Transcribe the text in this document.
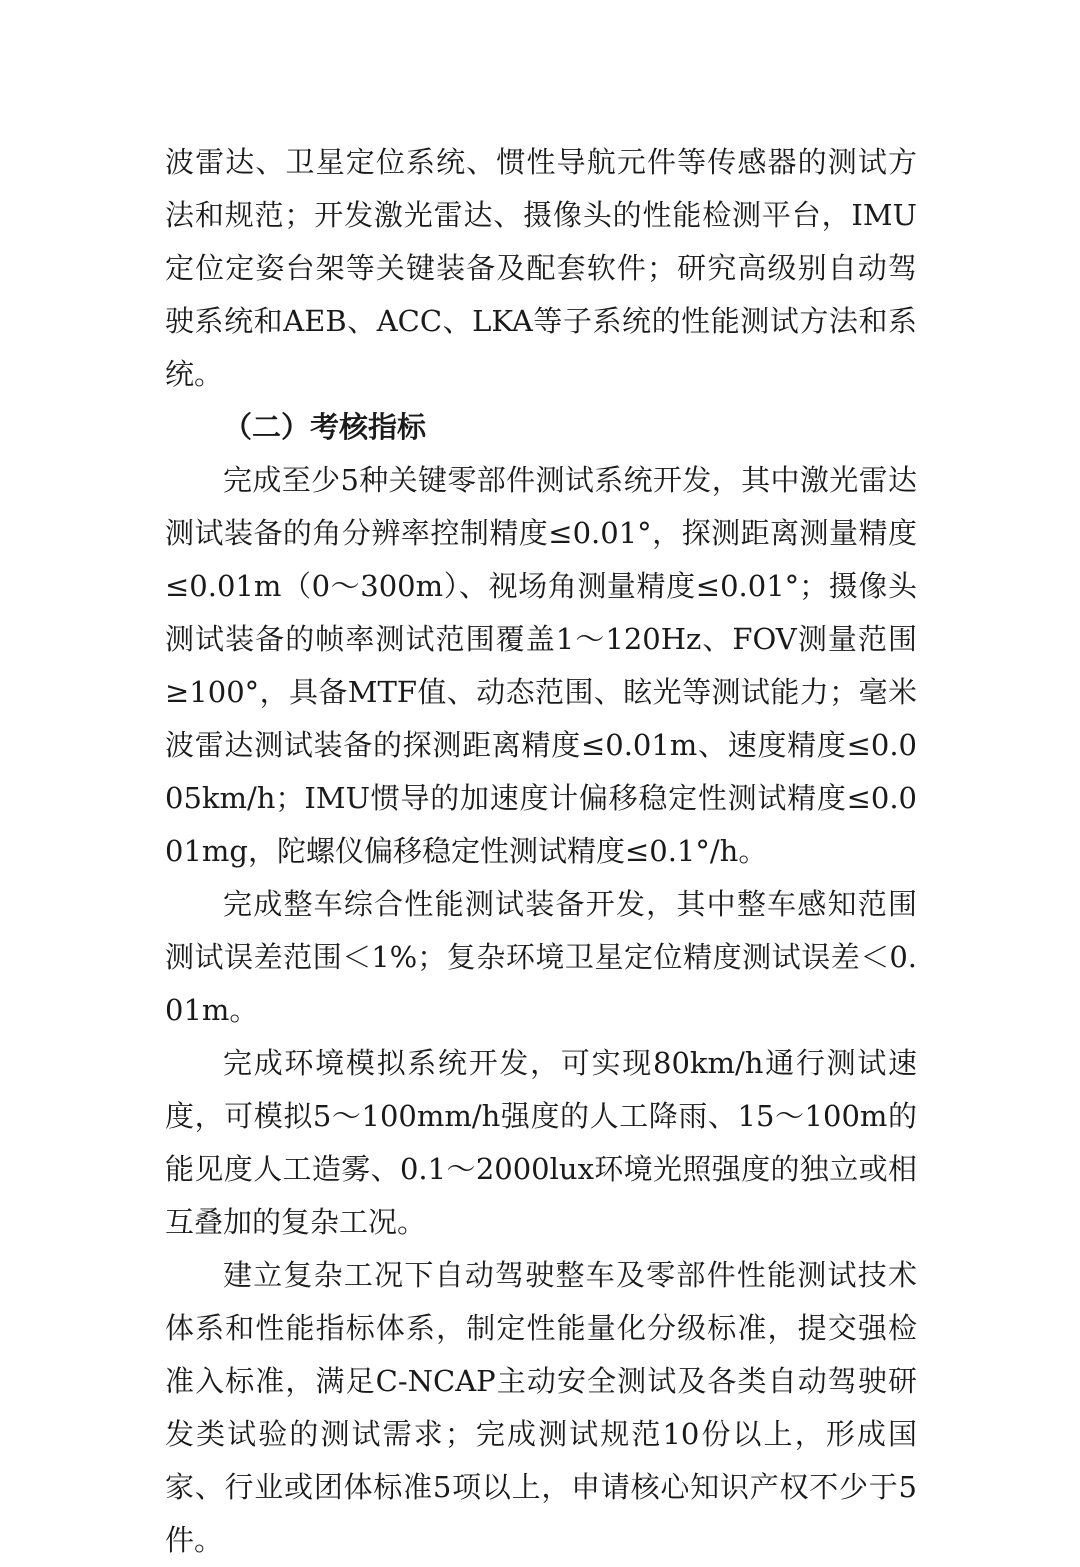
波雷达、卫星定位系统、惯性导航元件等传感器的测试方法和规范；开发激光雷达、摄像头的性能检测平台，IMU定位定姿台架等关键装备及配套软件；研究高级别自动驾驶系统和AEB、ACC、LKA等子系统的性能测试方法和系统。

（二）考核指标

完成至少5种关键零部件测试系统开发，其中激光雷达测试装备的角分辨率控制精度≤0.01°，探测距离测量精度≤0.01m（0～300m）、视场角测量精度≤0.01°；摄像头测试装备的帧率测试范围覆盖1～120Hz、FOV测量范围≥100°，具备MTF值、动态范围、眩光等测试能力；毫米波雷达测试装备的探测距离精度≤0.01m、速度精度≤0.005km/h；IMU惯导的加速度计偏移稳定性测试精度≤0.001mg，陀螺仪偏移稳定性测试精度≤0.1°/h。

完成整车综合性能测试装备开发，其中整车感知范围测试误差范围＜1%；复杂环境卫星定位精度测试误差＜0.01m。

完成环境模拟系统开发，可实现80km/h通行测试速度，可模拟5～100mm/h强度的人工降雨、15～100m的能见度人工造雾、0.1～2000lux环境光照强度的独立或相互叠加的复杂工况。

建立复杂工况下自动驾驶整车及零部件性能测试技术体系和性能指标体系，制定性能量化分级标准，提交强检准入标准，满足C-NCAP主动安全测试及各类自动驾驶研发类试验的测试需求；完成测试规范10份以上，形成国家、行业或团体标准5项以上，申请核心知识产权不少于5件。
